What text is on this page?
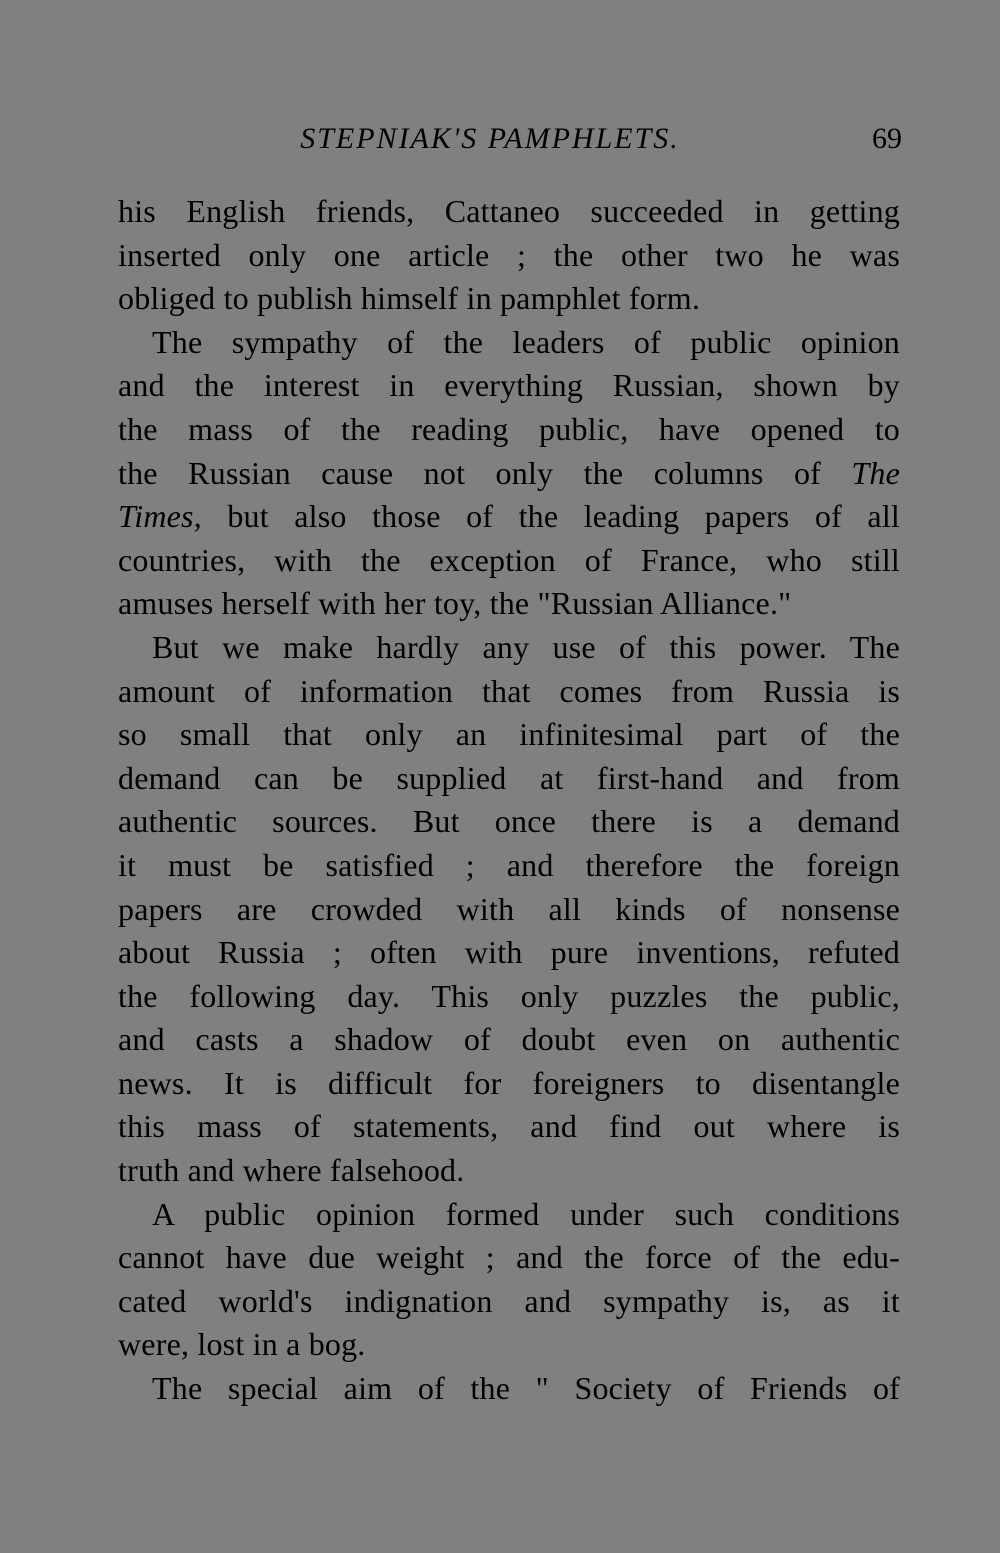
STEPNIAK'S PAMPHLETS.	69
his English friends, Cattaneo succeeded in getting
inserted only one article ; the other two he was
obliged to publish himself in pamphlet form.
The sympathy of the leaders of public opinion
and the interest in everything Russian, shown by
the mass of the reading public, have opened to
the Russian cause not only the columns of The
Times, but also those of the leading papers of all
countries, with the exception of France, who still
amuses herself with her toy, the "Russian Alliance."
But we make hardly any use of this power. The
amount of information that comes from Russia is
so small that only an infinitesimal part of the
demand can be supplied at first-hand and from
authentic sources. But once there is a demand
it must be satisfied ; and therefore the foreign
papers are crowded with all kinds of nonsense
about Russia ; often with pure inventions, refuted
the following day. This only puzzles the public,
and casts a shadow of doubt even on authentic
news. It is difficult for foreigners to disentangle
this mass of statements, and find out where is
truth and where falsehood.
A public opinion formed under such conditions
cannot have due weight ; and the force of the edu-
cated world's indignation and sympathy is, as it
were, lost in a bog.
The special aim of the " Society of Friends of
